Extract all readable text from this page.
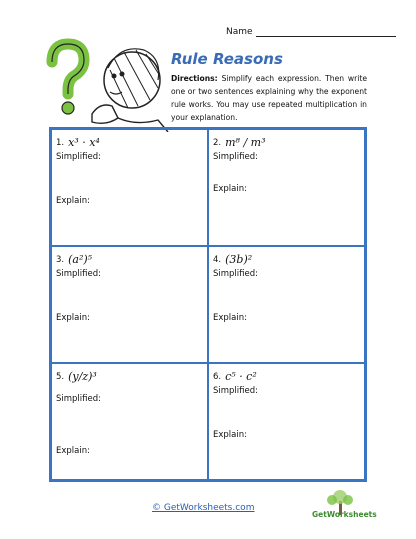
Name
Rule Reasons
Directions: Simplify each expression. Then write one or two sentences explaining why the exponent rule works. You may use repeated multiplication in your explanation.
1. x³ · x⁴
Simplified:
Explain:
2. m⁸ / m³
Simplified:
Explain:
3. (a²)⁵
Simplified:
Explain:
4. (3b)²
Simplified:
Explain:
5. (y/z)³
Simplified:
Explain:
6. c⁵ · c²
Simplified:
Explain:
© GetWorksheets.com
GetWorksheets
